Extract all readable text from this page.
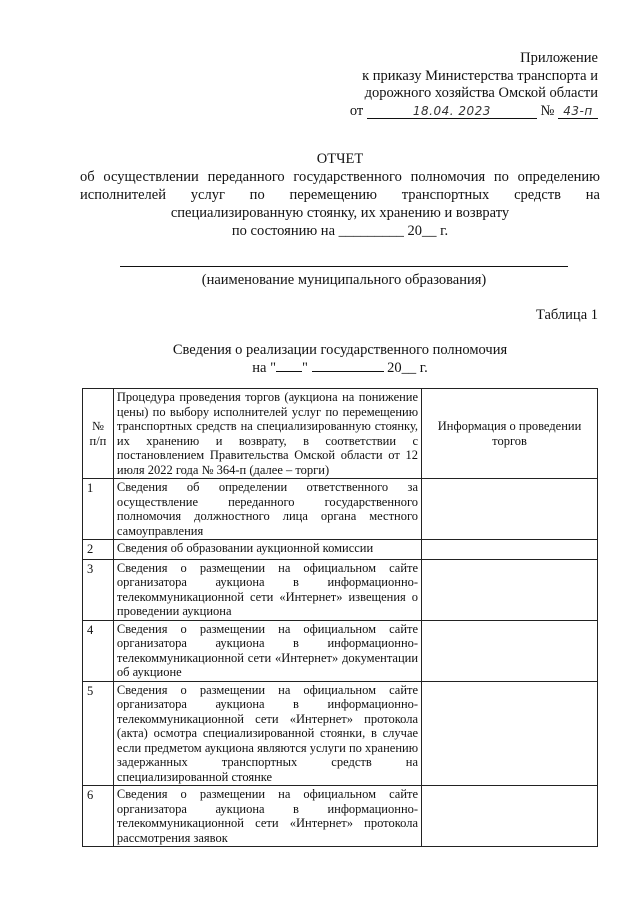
Приложение
к приказу Министерства транспорта и
дорожного хозяйства Омской области
от	18.04. 2023	№ 43-п
ОТЧЕТ
об осуществлении переданного государственного полномочия по определению исполнителей услуг по перемещению транспортных средств на специализированную стоянку, их хранению и возврату
по состоянию на _________ 20__ г.
(наименование муниципального образования)
Таблица 1
Сведения о реализации государственного полномочия
на " "	20__ г.
№ п/п	Процедура проведения торгов (аукциона на понижение цены) по выбору исполнителей услуг по перемещению транспортных средств на специализированную стоянку, их хранению и возврату, в соответствии с постановлением Правительства Омской области от 12 июля 2022 года № 364-п (далее – торги)	Информация о проведении торгов
1	Сведения об определении ответственного за осуществление переданного государственного полномочия должностного лица органа местного самоуправления	
2	Сведения об образовании аукционной комиссии	
3	Сведения о размещении на официальном сайте организатора аукциона в информационно-телекоммуникационной сети «Интернет» извещения о проведении аукциона	
4	Сведения о размещении на официальном сайте организатора аукциона в информационно-телекоммуникационной сети «Интернет» документации об аукционе	
5	Сведения о размещении на официальном сайте организатора аукциона в информационно-телекоммуникационной сети «Интернет» протокола (акта) осмотра специализированной стоянки, в случае если предметом аукциона являются услуги по хранению задержанных транспортных средств на специализированной стоянке	
6	Сведения о размещении на официальном сайте организатора аукциона в информационно-телекоммуникационной сети «Интернет» протокола рассмотрения заявок	
